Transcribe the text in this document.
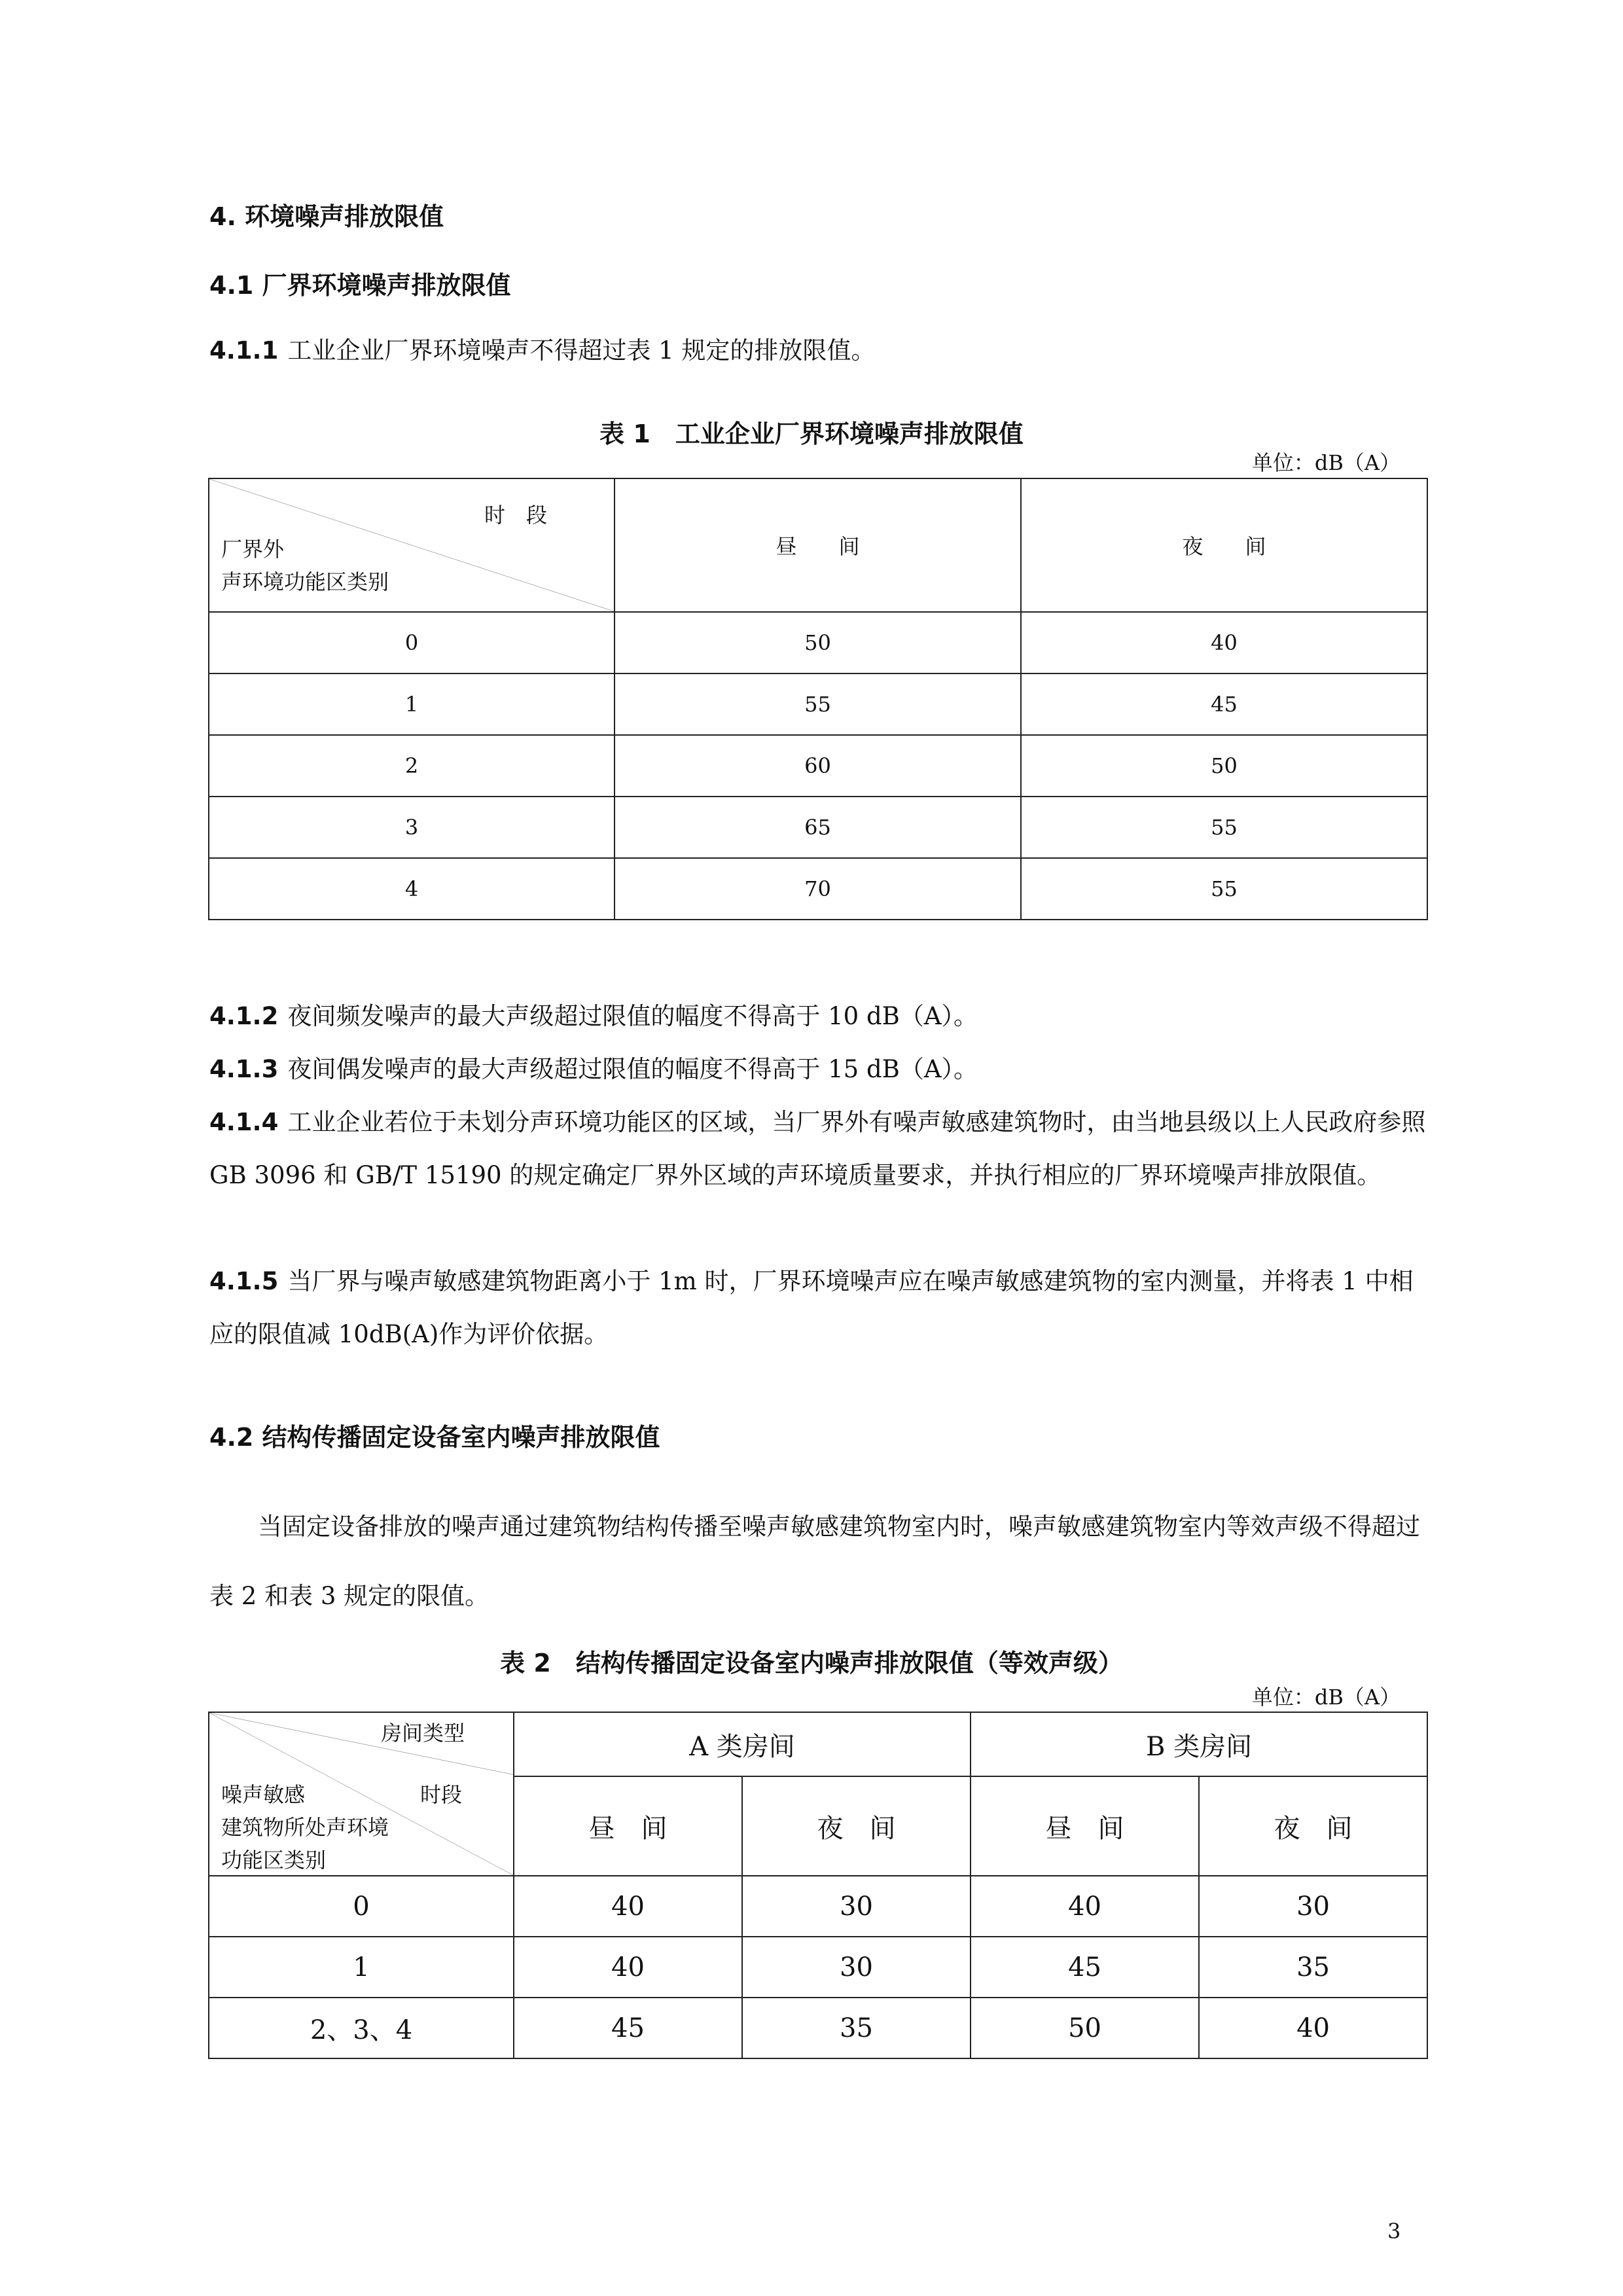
4. 环境噪声排放限值
4.1 厂界环境噪声排放限值
4.1.1 工业企业厂界环境噪声不得超过表 1 规定的排放限值。
表 1　工业企业厂界环境噪声排放限值
单位：dB（A）
时　段
厂界外
声环境功能区类别	昼　　间	夜　　间
0	50	40
1	55	45
2	60	50
3	65	55
4	70	55
4.1.2 夜间频发噪声的最大声级超过限值的幅度不得高于 10 dB（A）。
4.1.3 夜间偶发噪声的最大声级超过限值的幅度不得高于 15 dB（A）。
4.1.4 工业企业若位于未划分声环境功能区的区域，当厂界外有噪声敏感建筑物时，由当地县级以上人民政府参照 GB 3096 和 GB/T 15190 的规定确定厂界外区域的声环境质量要求，并执行相应的厂界环境噪声排放限值。
4.1.5 当厂界与噪声敏感建筑物距离小于 1m 时，厂界环境噪声应在噪声敏感建筑物的室内测量，并将表 1 中相应的限值减 10dB(A)作为评价依据。
4.2 结构传播固定设备室内噪声排放限值
当固定设备排放的噪声通过建筑物结构传播至噪声敏感建筑物室内时，噪声敏感建筑物室内等效声级不得超过表 2 和表 3 规定的限值。
表 2　结构传播固定设备室内噪声排放限值（等效声级）
单位：dB（A）
房间类型
噪声敏感 时段
建筑物所处声环境
功能区类别	A 类房间		B 类房间	
	昼　间	夜　间	昼　间	夜　间
0	40	30	40	30
1	40	30	45	35
2、3、4	45	35	50	40
3
